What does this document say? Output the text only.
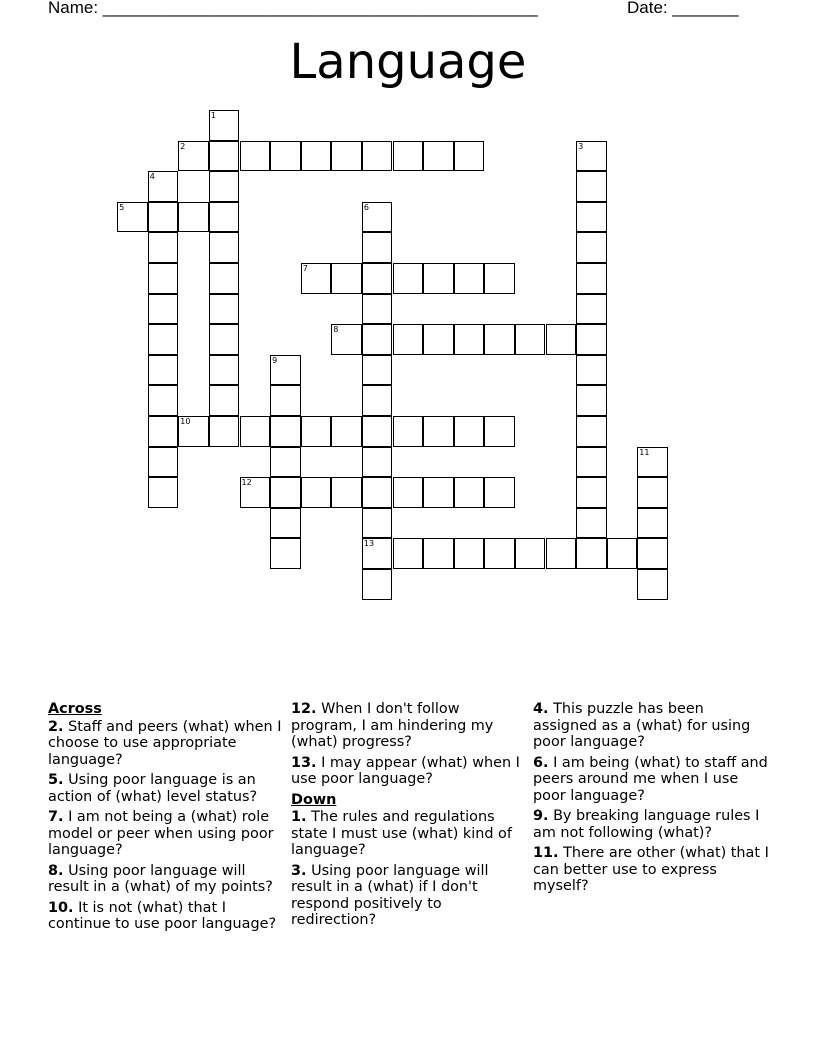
Name: ______________________________________________	Date: _______
Language
1
2	3
4
5	6
7
8
9
10
11
12
13
Across
2. Staff and peers (what) when I choose to use appropriate language?
5. Using poor language is an action of (what) level status?
7. I am not being a (what) role model or peer when using poor language?
8. Using poor language will result in a (what) of my points?
10. It is not (what) that I continue to use poor language?
12. When I don't follow program, I am hindering my (what) progress?
13. I may appear (what) when I use poor language?
Down
1. The rules and regulations state I must use (what) kind of language?
3. Using poor language will result in a (what) if I don't respond positively to redirection?
4. This puzzle has been assigned as a (what) for using poor language?
6. I am being (what) to staff and peers around me when I use poor language?
9. By breaking language rules I am not following (what)?
11. There are other (what) that I can better use to express myself?
